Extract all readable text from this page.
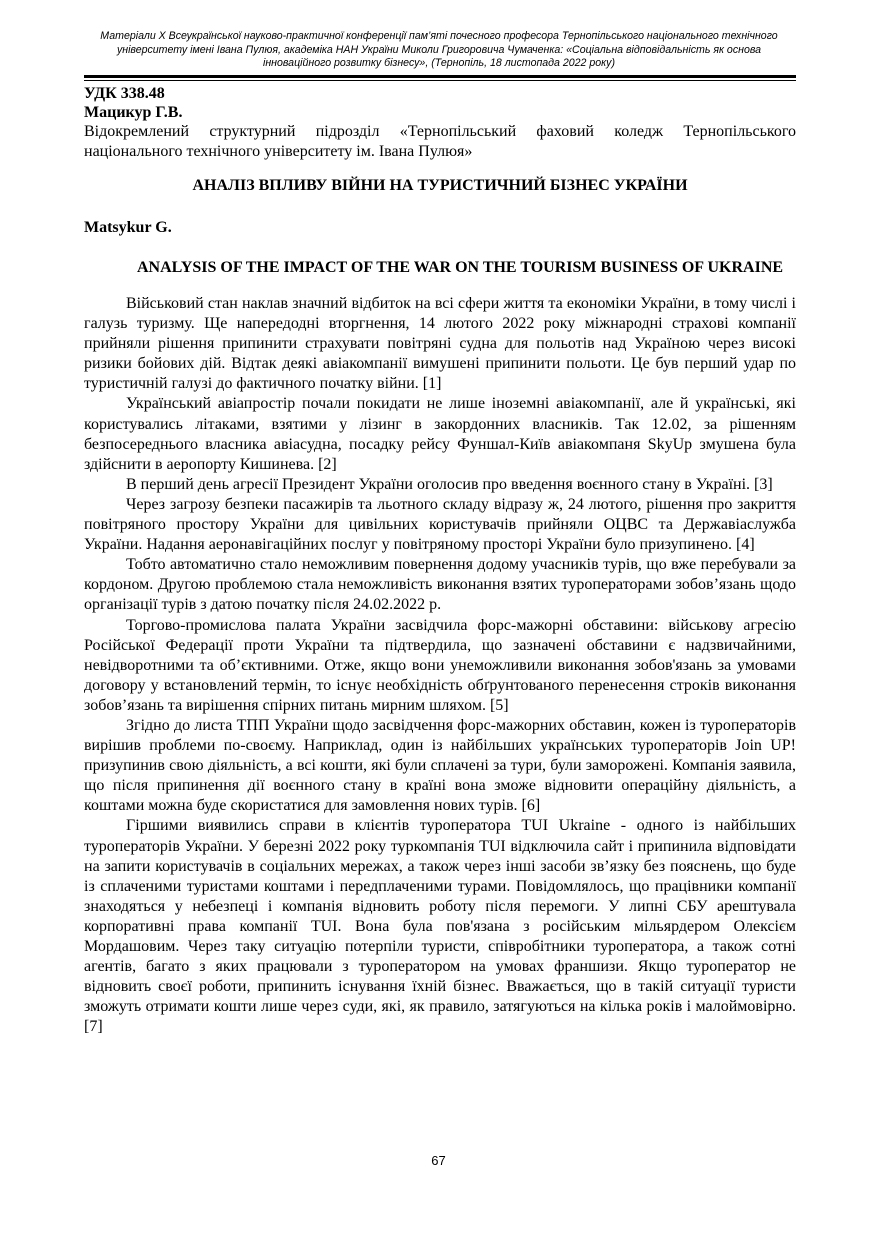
Матеріали Х Всеукраїнської науково-практичної конференції пам’яті почесного професора Тернопільського національного технічного університету імені Івана Пулюя, академіка НАН України Миколи Григоровича Чумаченка: «Соціальна відповідальність як основа інноваційного розвитку бізнесу», (Тернопіль, 18 листопада 2022 року)

УДК 338.48

Мацикур Г.В.

Відокремлений структурний підрозділ «Тернопільський фаховий коледж Тернопільського національного технічного університету ім. Івана Пулюя»

АНАЛІЗ ВПЛИВУ ВІЙНИ НА ТУРИСТИЧНИЙ БІЗНЕС УКРАЇНИ

Matsykur G.

ANALYSIS OF THE IMPACT OF THE WAR ON THE TOURISM BUSINESS OF UKRAINE

Військовий стан наклав значний відбиток на всі сфери життя та економіки України, в тому числі і галузь туризму. Ще напередодні вторгнення, 14 лютого 2022 року міжнародні страхові компанії прийняли рішення припинити страхувати повітряні судна для польотів над Україною через високі ризики бойових дій. Відтак деякі авіакомпанії вимушені припинити польоти. Це був перший удар по туристичній галузі до фактичного початку війни. [1]

Український авіапростір почали покидати не лише іноземні авіакомпанії, але й українські, які користувались літаками, взятими у лізинг в закордонних власників. Так 12.02, за рішенням безпосереднього власника авіасудна, посадку рейсу Фуншал-Київ авіакомпаня SkyUp змушена була здійснити в аеропорту Кишинева. [2]

В перший день агресії Президент України оголосив про введення воєнного стану в Україні. [3]

Через загрозу безпеки пасажирів та льотного складу відразу ж, 24 лютого, рішення про закриття повітряного простору України для цивільних користувачів прийняли ОЦВС та Державіаслужба України. Надання аеронавігаційних послуг у повітряному просторі України було призупинено. [4]

Тобто автоматично стало неможливим повернення додому учасників турів, що вже перебували за кордоном. Другою проблемою стала неможливість виконання взятих туроператорами зобов’язань щодо організації турів з датою початку після 24.02.2022 р.

Торгово-промислова палата України засвідчила форс-мажорні обставини: військову агресію Російської Федерації проти України та підтвердила, що зазначені обставини є надзвичайними, невідворотними та об’єктивними. Отже, якщо вони унеможливили виконання зобов'язань за умовами договору у встановлений термін, то існує необхідність обґрунтованого перенесення строків виконання зобов’язань та вирішення спірних питань мирним шляхом. [5]

Згідно до листа ТПП України щодо засвідчення форс-мажорних обставин, кожен із туроператорів вирішив проблеми по-своєму. Наприклад, один із найбільших українських туроператорів Join UP! призупинив свою діяльність, а всі кошти, які були сплачені за тури, були заморожені. Компанія заявила, що після припинення дії воєнного стану в країні вона зможе відновити операційну діяльність, а коштами можна буде скористатися для замовлення нових турів. [6]

Гіршими виявились справи в клієнтів туроператора TUI Ukraine - одного із найбільших туроператорів України. У березні 2022 року туркомпанія TUI відключила сайт і припинила відповідати на запити користувачів в соціальних мережах, а також через інші засоби зв’язку без пояснень, що буде із сплаченими туристами коштами і передплаченими турами. Повідомлялось, що працівники компанії знаходяться у небезпеці і компанія відновить роботу після перемоги. У липні СБУ арештувала корпоративні права компанії TUI. Вона була пов'язана з російським мільярдером Олексієм Мордашовим. Через таку ситуацію потерпіли туристи, співробітники туроператора, а також сотні агентів, багато з яких працювали з туроператором на умовах франшизи. Якщо туроператор не відновить своєї роботи, припинить існування їхній бізнес. Вважається, що в такій ситуації туристи зможуть отримати кошти лише через суди, які, як правило, затягуються на кілька років і малоймовірно. [7]

67
